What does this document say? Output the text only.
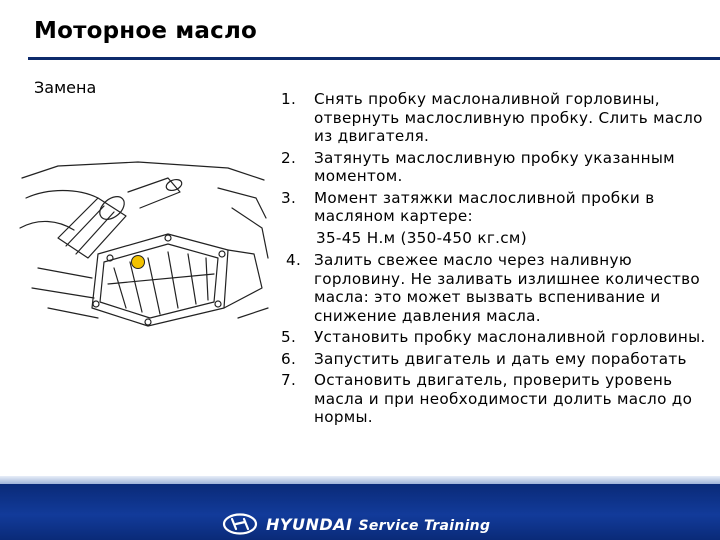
Моторное масло
Замена
1. Снять пробку маслоналивной горловины, отвернуть маслосливную пробку. Слить масло из двигателя.
2. Затянуть маслосливную пробку указанным моментом.
3. Момент затяжки маслосливной пробки в масляном картере:
35-45 Н.м (350-450 кг.см)
4. Залить свежее масло через наливную горловину. Не заливать излишнее количество масла: это может вызвать вспенивание и снижение давления масла.
5. Установить пробку маслоналивной горловины.
6. Запустить двигатель и дать ему поработать
7. Остановить двигатель, проверить уровень масла и при необходимости долить масло до нормы.
HYUNDAI Service Training
